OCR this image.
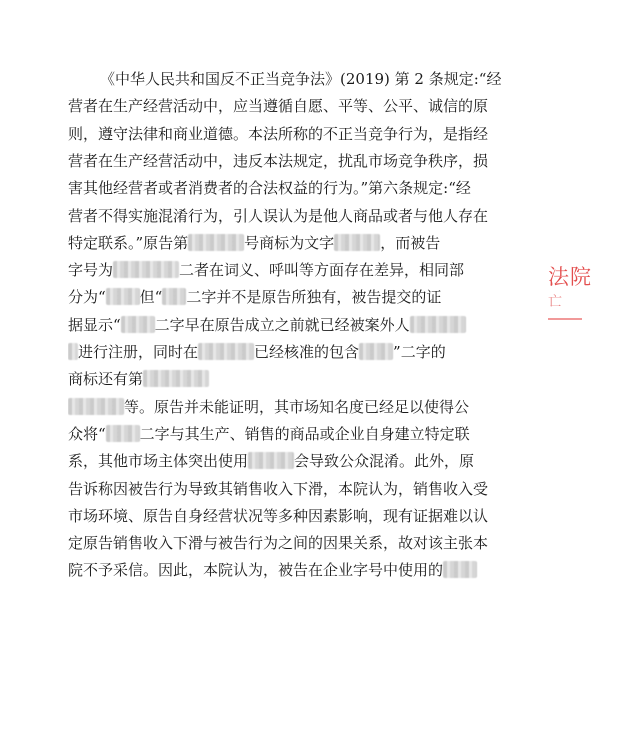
《中华人民共和国反不正当竞争法》(2019) 第 2 条规定:“经
营者在生产经营活动中，应当遵循自愿、平等、公平、诚信的原
则，遵守法律和商业道德。本法所称的不正当竞争行为，是指经
营者在生产经营活动中，违反本法规定，扰乱市场竞争秩序，损
害其他经营者或者消费者的合法权益的行为。”第六条规定:“经
营者不得实施混淆行为，引人误认为是他人商品或者与他人存在
特定联系。”原告第	号商标为文字	，而被告
字号为	二者在词义、呼叫等方面存在差异，相同部
分为“ 但“ 二字并不是原告所独有，被告提交的证
据显示“ 二字早在原告成立之前就已经被案外人
进行注册，同时在	已经核准的包含 ”二字的
商标还有第
等。原告并未能证明，其市场知名度已经足以使得公
众将“ 二字与其生产、销售的商品或企业自身建立特定联
系，其他市场主体突出使用	会导致公众混淆。此外，原
告诉称因被告行为导致其销售收入下滑，本院认为，销售收入受
市场环境、原告自身经营状况等多种因素影响，现有证据难以认
定原告销售收入下滑与被告行为之间的因果关系，故对该主张本
院不予采信。因此，本院认为，被告在企业字号中使用的
法院
亡
